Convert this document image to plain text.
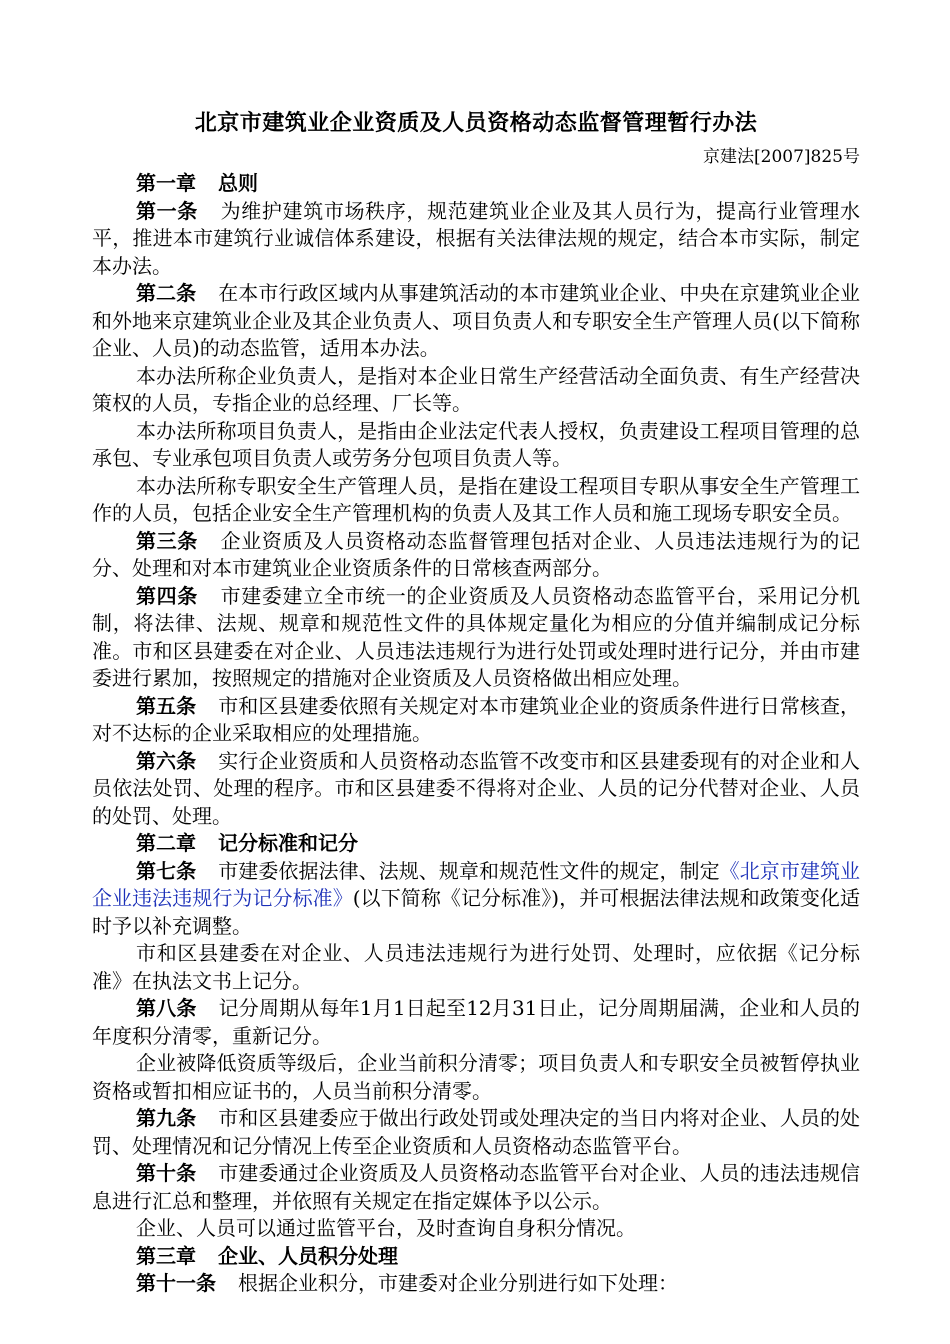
北京市建筑业企业资质及人员资格动态监督管理暂行办法
京建法[2007]825号

第一章 总则

第一条 为维护建筑市场秩序，规范建筑业企业及其人员行为，提高行业管理水平，推进本市建筑行业诚信体系建设，根据有关法律法规的规定，结合本市实际，制定本办法。

第二条 在本市行政区域内从事建筑活动的本市建筑业企业、中央在京建筑业企业和外地来京建筑业企业及其企业负责人、项目负责人和专职安全生产管理人员(以下简称企业、人员)的动态监管，适用本办法。

本办法所称企业负责人，是指对本企业日常生产经营活动全面负责、有生产经营决策权的人员，专指企业的总经理、厂长等。

本办法所称项目负责人，是指由企业法定代表人授权，负责建设工程项目管理的总承包、专业承包项目负责人或劳务分包项目负责人等。

本办法所称专职安全生产管理人员，是指在建设工程项目专职从事安全生产管理工作的人员，包括企业安全生产管理机构的负责人及其工作人员和施工现场专职安全员。

第三条 企业资质及人员资格动态监督管理包括对企业、人员违法违规行为的记分、处理和对本市建筑业企业资质条件的日常核查两部分。

第四条 市建委建立全市统一的企业资质及人员资格动态监管平台，采用记分机制，将法律、法规、规章和规范性文件的具体规定量化为相应的分值并编制成记分标准。市和区县建委在对企业、人员违法违规行为进行处罚或处理时进行记分，并由市建委进行累加，按照规定的措施对企业资质及人员资格做出相应处理。

第五条 市和区县建委依照有关规定对本市建筑业企业的资质条件进行日常核查，对不达标的企业采取相应的处理措施。

第六条 实行企业资质和人员资格动态监管不改变市和区县建委现有的对企业和人员依法处罚、处理的程序。市和区县建委不得将对企业、人员的记分代替对企业、人员的处罚、处理。

第二章 记分标准和记分

第七条 市建委依据法律、法规、规章和规范性文件的规定，制定《北京市建筑业企业违法违规行为记分标准》(以下简称《记分标准》)，并可根据法律法规和政策变化适时予以补充调整。

市和区县建委在对企业、人员违法违规行为进行处罚、处理时，应依据《记分标准》在执法文书上记分。

第八条 记分周期从每年1月1日起至12月31日止，记分周期届满，企业和人员的年度积分清零，重新记分。

企业被降低资质等级后，企业当前积分清零；项目负责人和专职安全员被暂停执业资格或暂扣相应证书的，人员当前积分清零。

第九条 市和区县建委应于做出行政处罚或处理决定的当日内将对企业、人员的处罚、处理情况和记分情况上传至企业资质和人员资格动态监管平台。

第十条 市建委通过企业资质及人员资格动态监管平台对企业、人员的违法违规信息进行汇总和整理，并依照有关规定在指定媒体予以公示。

企业、人员可以通过监管平台，及时查询自身积分情况。

第三章 企业、人员积分处理

第十一条 根据企业积分，市建委对企业分别进行如下处理：
